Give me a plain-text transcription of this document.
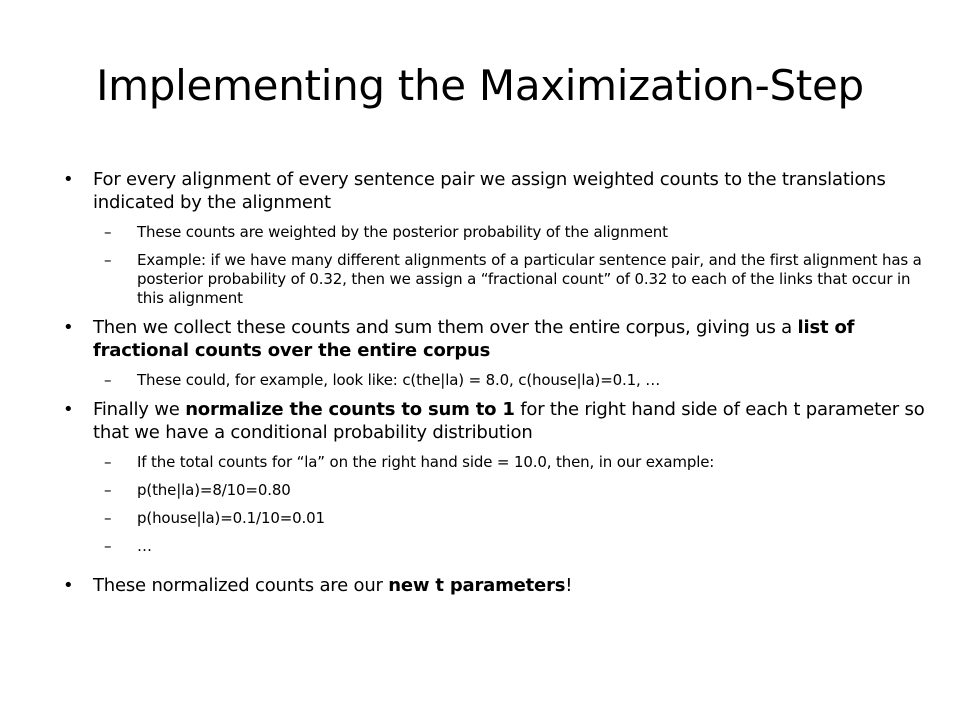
Implementing the Maximization-Step
• For every alignment of every sentence pair we assign weighted counts to the translations indicated by the alignment
– These counts are weighted by the posterior probability of the alignment
– Example: if we have many different alignments of a particular sentence pair, and the first alignment has a posterior probability of 0.32, then we assign a “fractional count” of 0.32 to each of the links that occur in this alignment
• Then we collect these counts and sum them over the entire corpus, giving us a list of fractional counts over the entire corpus
– These could, for example, look like: c(the|la) = 8.0, c(house|la)=0.1, …
• Finally we normalize the counts to sum to 1 for the right hand side of each t parameter so that we have a conditional probability distribution
– If the total counts for “la” on the right hand side = 10.0, then, in our example:
– p(the|la)=8/10=0.80
– p(house|la)=0.1/10=0.01
– …
• These normalized counts are our new t parameters!
